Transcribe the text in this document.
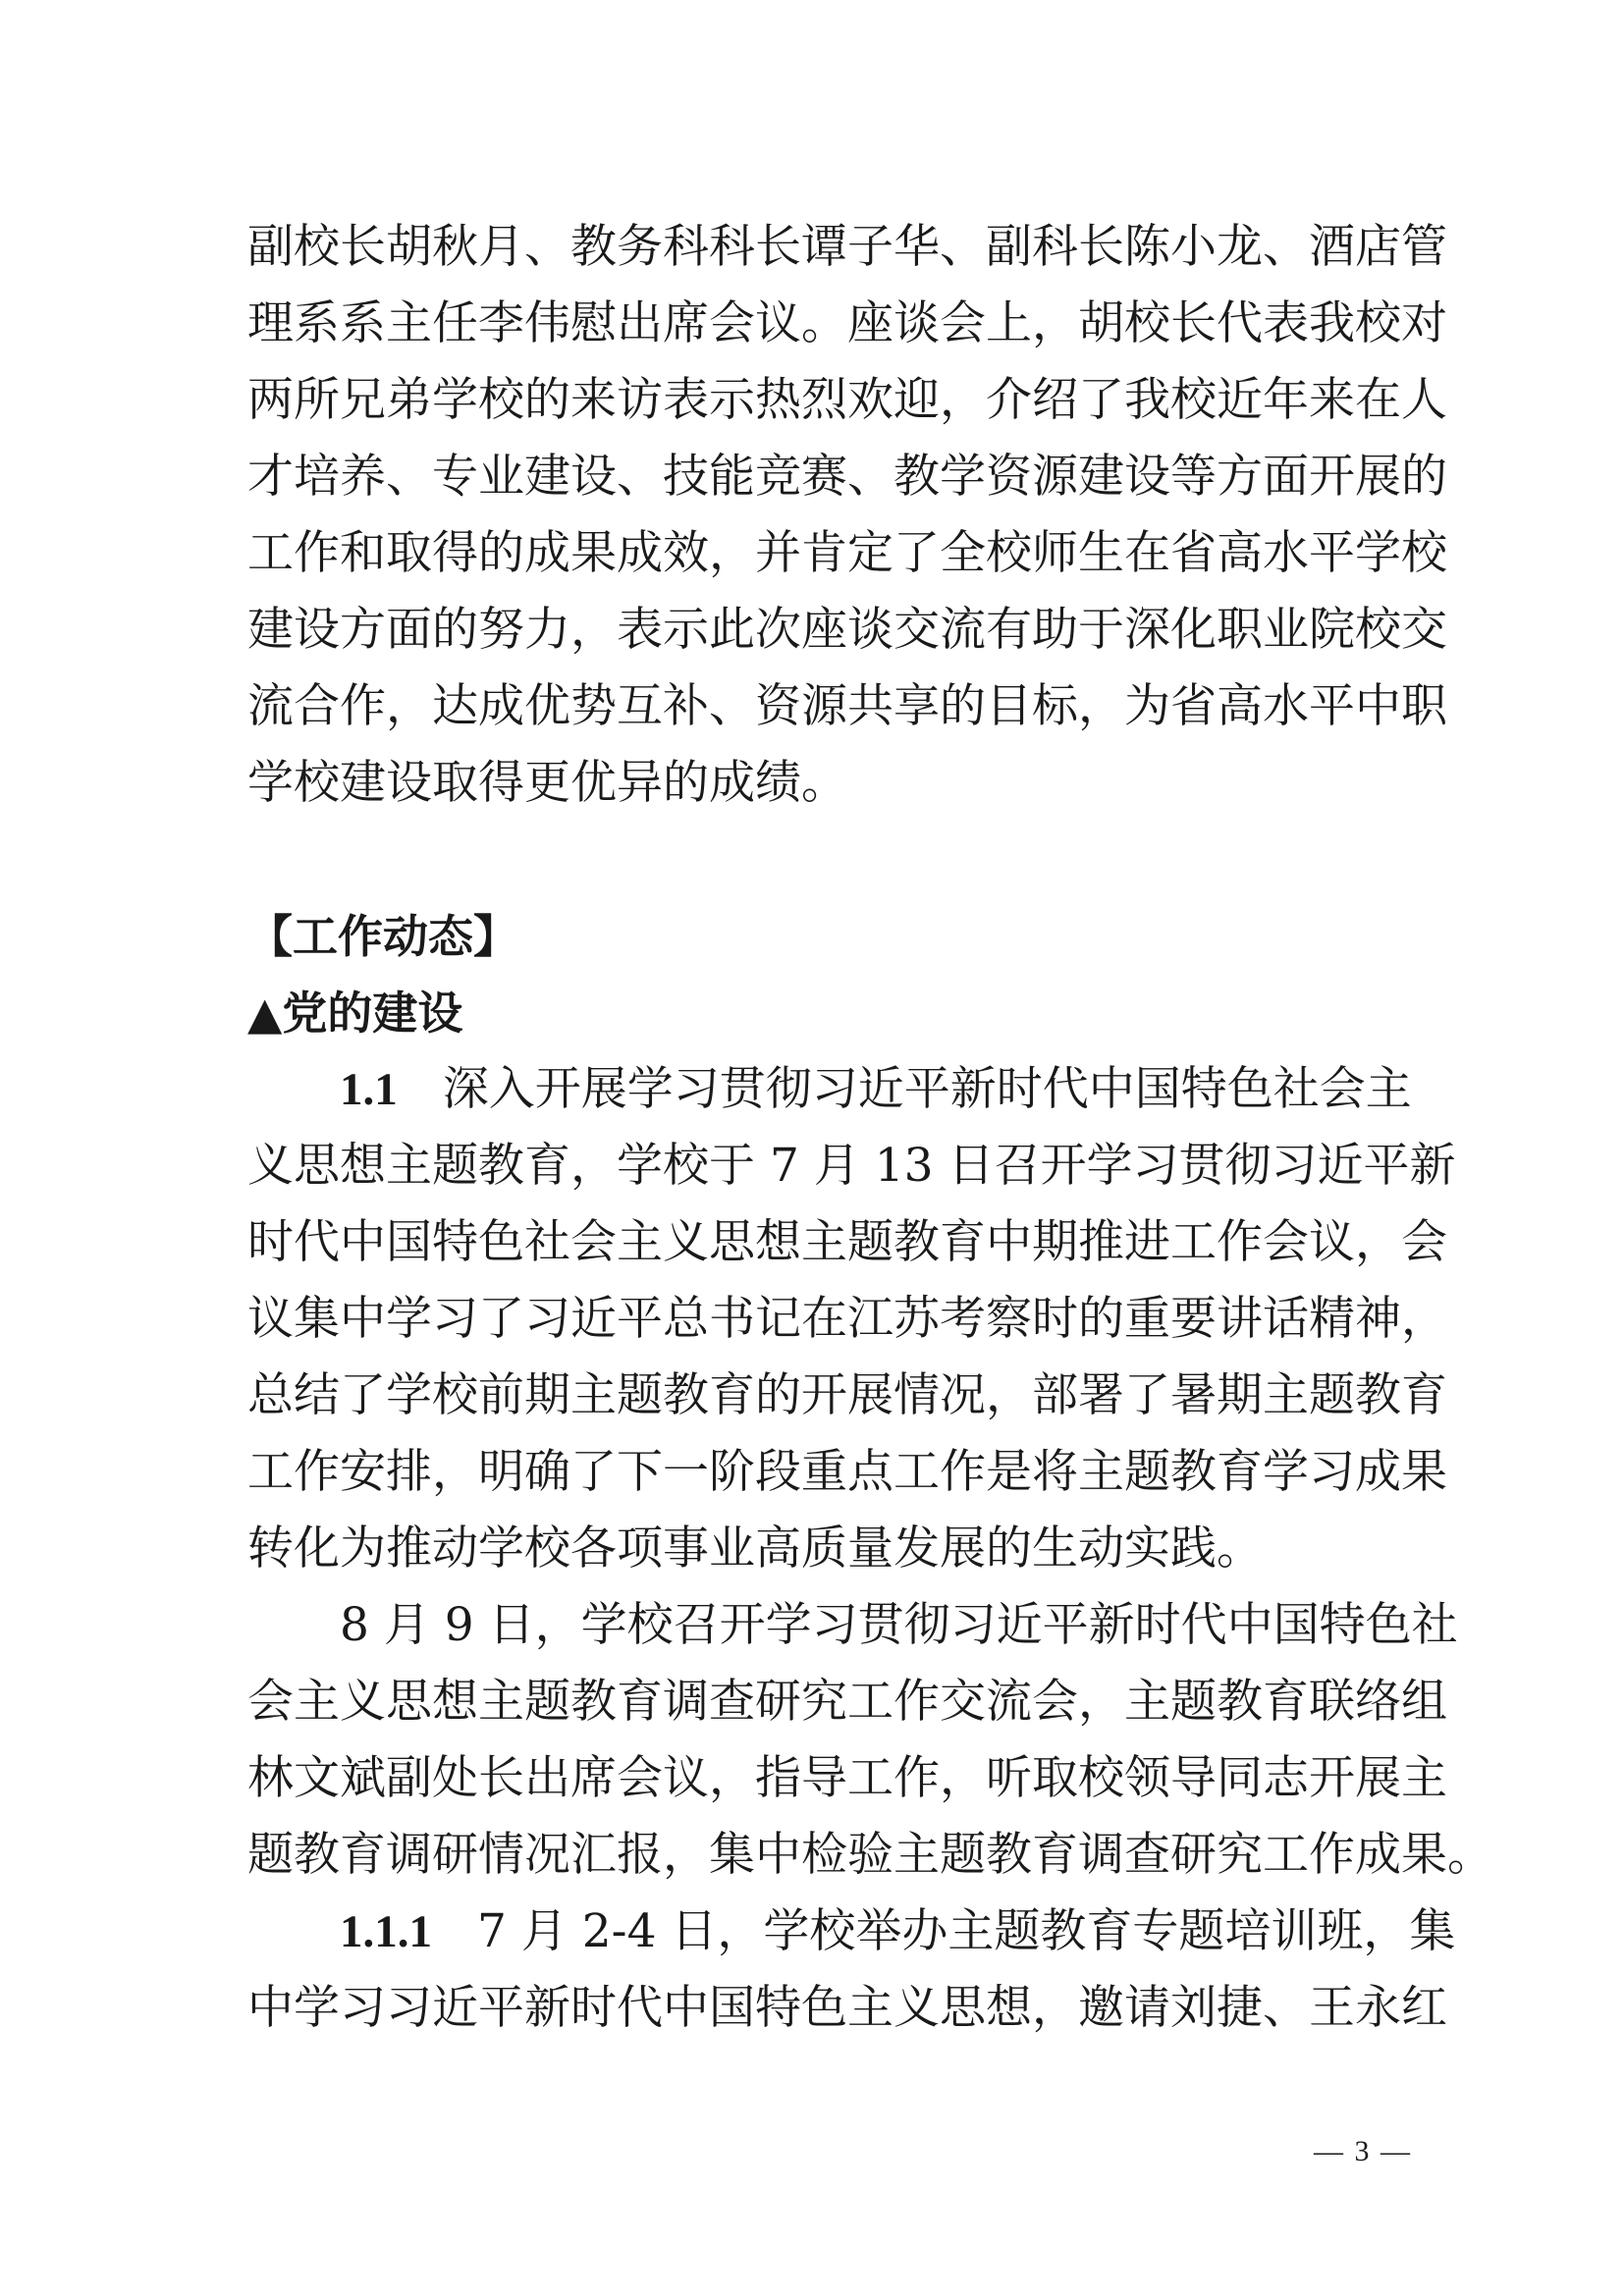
副校长胡秋月、教务科科长谭子华、副科长陈小龙、酒店管
理系系主任李伟慰出席会议。座谈会上，胡校长代表我校对
两所兄弟学校的来访表示热烈欢迎，介绍了我校近年来在人
才培养、专业建设、技能竞赛、教学资源建设等方面开展的
工作和取得的成果成效，并肯定了全校师生在省高水平学校
建设方面的努力，表示此次座谈交流有助于深化职业院校交
流合作，达成优势互补、资源共享的目标，为省高水平中职
学校建设取得更优异的成绩。
【工作动态】
▲党的建设
1.1 深入开展学习贯彻习近平新时代中国特色社会主
义思想主题教育，学校于 7 月 13 日召开学习贯彻习近平新
时代中国特色社会主义思想主题教育中期推进工作会议，会
议集中学习了习近平总书记在江苏考察时的重要讲话精神，
总结了学校前期主题教育的开展情况，部署了暑期主题教育
工作安排，明确了下一阶段重点工作是将主题教育学习成果
转化为推动学校各项事业高质量发展的生动实践。
8 月 9 日，学校召开学习贯彻习近平新时代中国特色社
会主义思想主题教育调查研究工作交流会，主题教育联络组
林文斌副处长出席会议，指导工作，听取校领导同志开展主
题教育调研情况汇报，集中检验主题教育调查研究工作成果。
1.1.1 7 月 2-4 日，学校举办主题教育专题培训班，集
中学习习近平新时代中国特色主义思想，邀请刘捷、王永红
— 3 —
